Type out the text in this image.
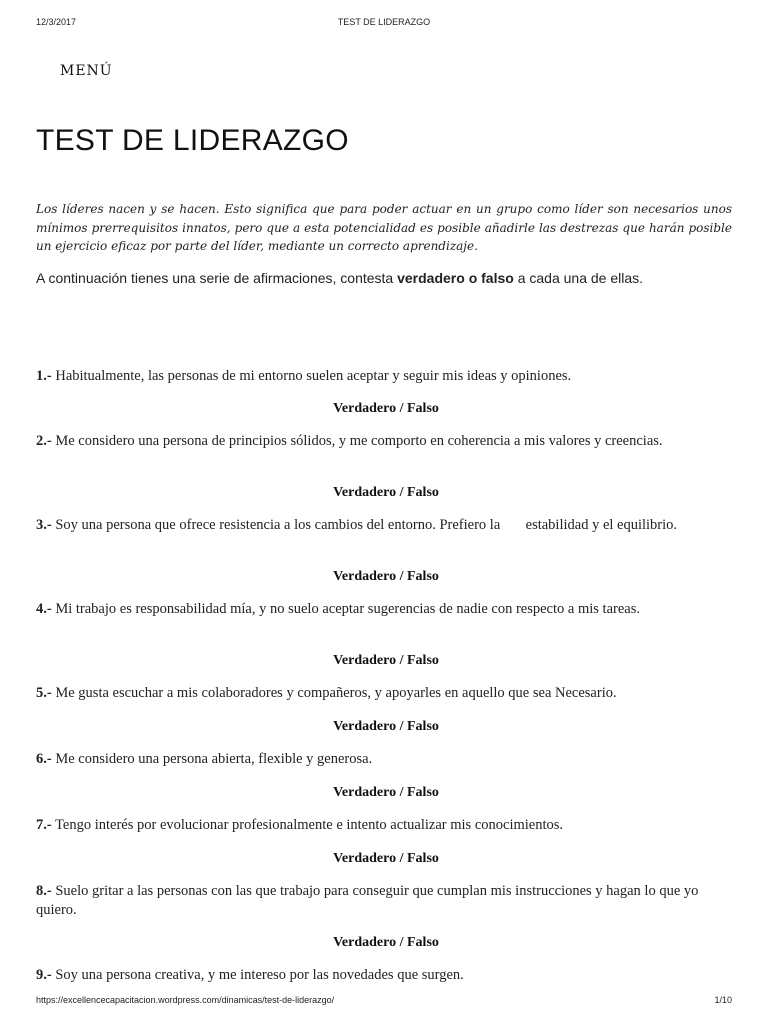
TEST DE LIDERAZGO
12/3/2017
MENÚ
TEST DE LIDERAZGO

Los líderes nacen y se hacen. Esto significa que para poder actuar en un grupo como líder son necesarios unos mínimos prerrequisitos innatos, pero que a esta potencialidad es posible añadirle las destrezas que harán posible un ejercicio eficaz por parte del líder, mediante un correcto aprendizaje.

A continuación tienes una serie de afirmaciones, contesta verdadero o falso a cada una de ellas.

1.- Habitualmente, las personas de mi entorno suelen aceptar y seguir mis ideas y opiniones.

Verdadero / Falso

2.- Me considero una persona de principios sólidos, y me comporto en coherencia a mis valores y creencias.

Verdadero / Falso

3.- Soy una persona que ofrece resistencia a los cambios del entorno. Prefiero la       estabilidad y el equilibrio.

Verdadero / Falso

4.- Mi trabajo es responsabilidad mía, y no suelo aceptar sugerencias de nadie con respecto a mis tareas.

Verdadero / Falso

5.- Me gusta escuchar a mis colaboradores y compañeros, y apoyarles en aquello que sea Necesario.

Verdadero / Falso

6.- Me considero una persona abierta, flexible y generosa.

Verdadero / Falso

7.- Tengo interés por evolucionar profesionalmente e intento actualizar mis conocimientos.

Verdadero / Falso

8.- Suelo gritar a las personas con las que trabajo para conseguir que cumplan mis instrucciones y hagan lo que yo quiero.

Verdadero / Falso

9.- Soy una persona creativa, y me intereso por las novedades que surgen.

https://excellencecapacitacion.wordpress.com/dinamicas/test-de-liderazgo/	1/10
